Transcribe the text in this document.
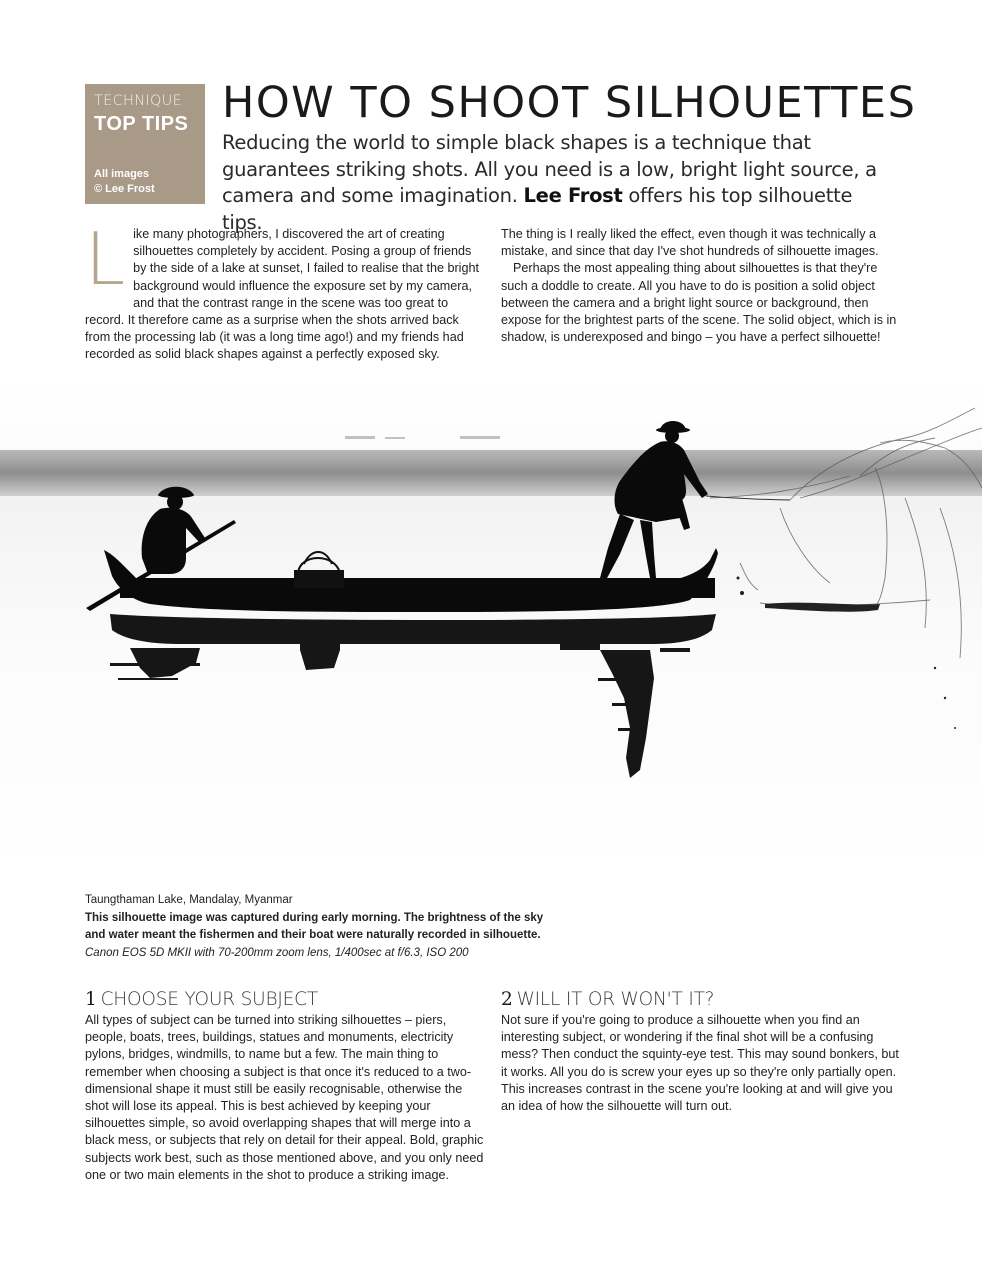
TECHNIQUE
TOP TIPS
All images
© Lee Frost
HOW TO SHOOT SILHOUETTES
Reducing the world to simple black shapes is a technique that guarantees striking shots. All you need is a low, bright light source, a camera and some imagination. Lee Frost offers his top silhouette tips.
L ike many photographers, I discovered the art of creating silhouettes completely by accident. Posing a group of friends by the side of a lake at sunset, I failed to realise that the bright background would influence the exposure set by my camera, and that the contrast range in the scene was too great to record. It therefore came as a surprise when the shots arrived back from the processing lab (it was a long time ago!) and my friends had recorded as solid black shapes against a perfectly exposed sky.

The thing is I really liked the effect, even though it was technically a mistake, and since that day I've shot hundreds of silhouette images.

Perhaps the most appealing thing about silhouettes is that they're such a doddle to create. All you have to do is position a solid object between the camera and a bright light source or background, then expose for the brightest parts of the scene. The solid object, which is in shadow, is underexposed and bingo – you have a perfect silhouette!

Taungthaman Lake, Mandalay, Myanmar
This silhouette image was captured during early morning. The brightness of the sky and water meant the fishermen and their boat were naturally recorded in silhouette.
Canon EOS 5D MKII with 70-200mm zoom lens, 1/400sec at f/6.3, ISO 200
1 CHOOSE YOUR SUBJECT

All types of subject can be turned into striking silhouettes – piers, people, boats, trees, buildings, statues and monuments, electricity pylons, bridges, windmills, to name but a few. The main thing to remember when choosing a subject is that once it's reduced to a two-dimensional shape it must still be easily recognisable, otherwise the shot will lose its appeal. This is best achieved by keeping your silhouettes simple, so avoid overlapping shapes that will merge into a black mess, or subjects that rely on detail for their appeal. Bold, graphic subjects work best, such as those mentioned above, and you only need one or two main elements in the shot to produce a striking image.

2 WILL IT OR WON'T IT?

Not sure if you're going to produce a silhouette when you find an interesting subject, or wondering if the final shot will be a confusing mess? Then conduct the squinty-eye test. This may sound bonkers, but it works. All you do is screw your eyes up so they're only partially open. This increases contrast in the scene you're looking at and will give you an idea of how the silhouette will turn out.
